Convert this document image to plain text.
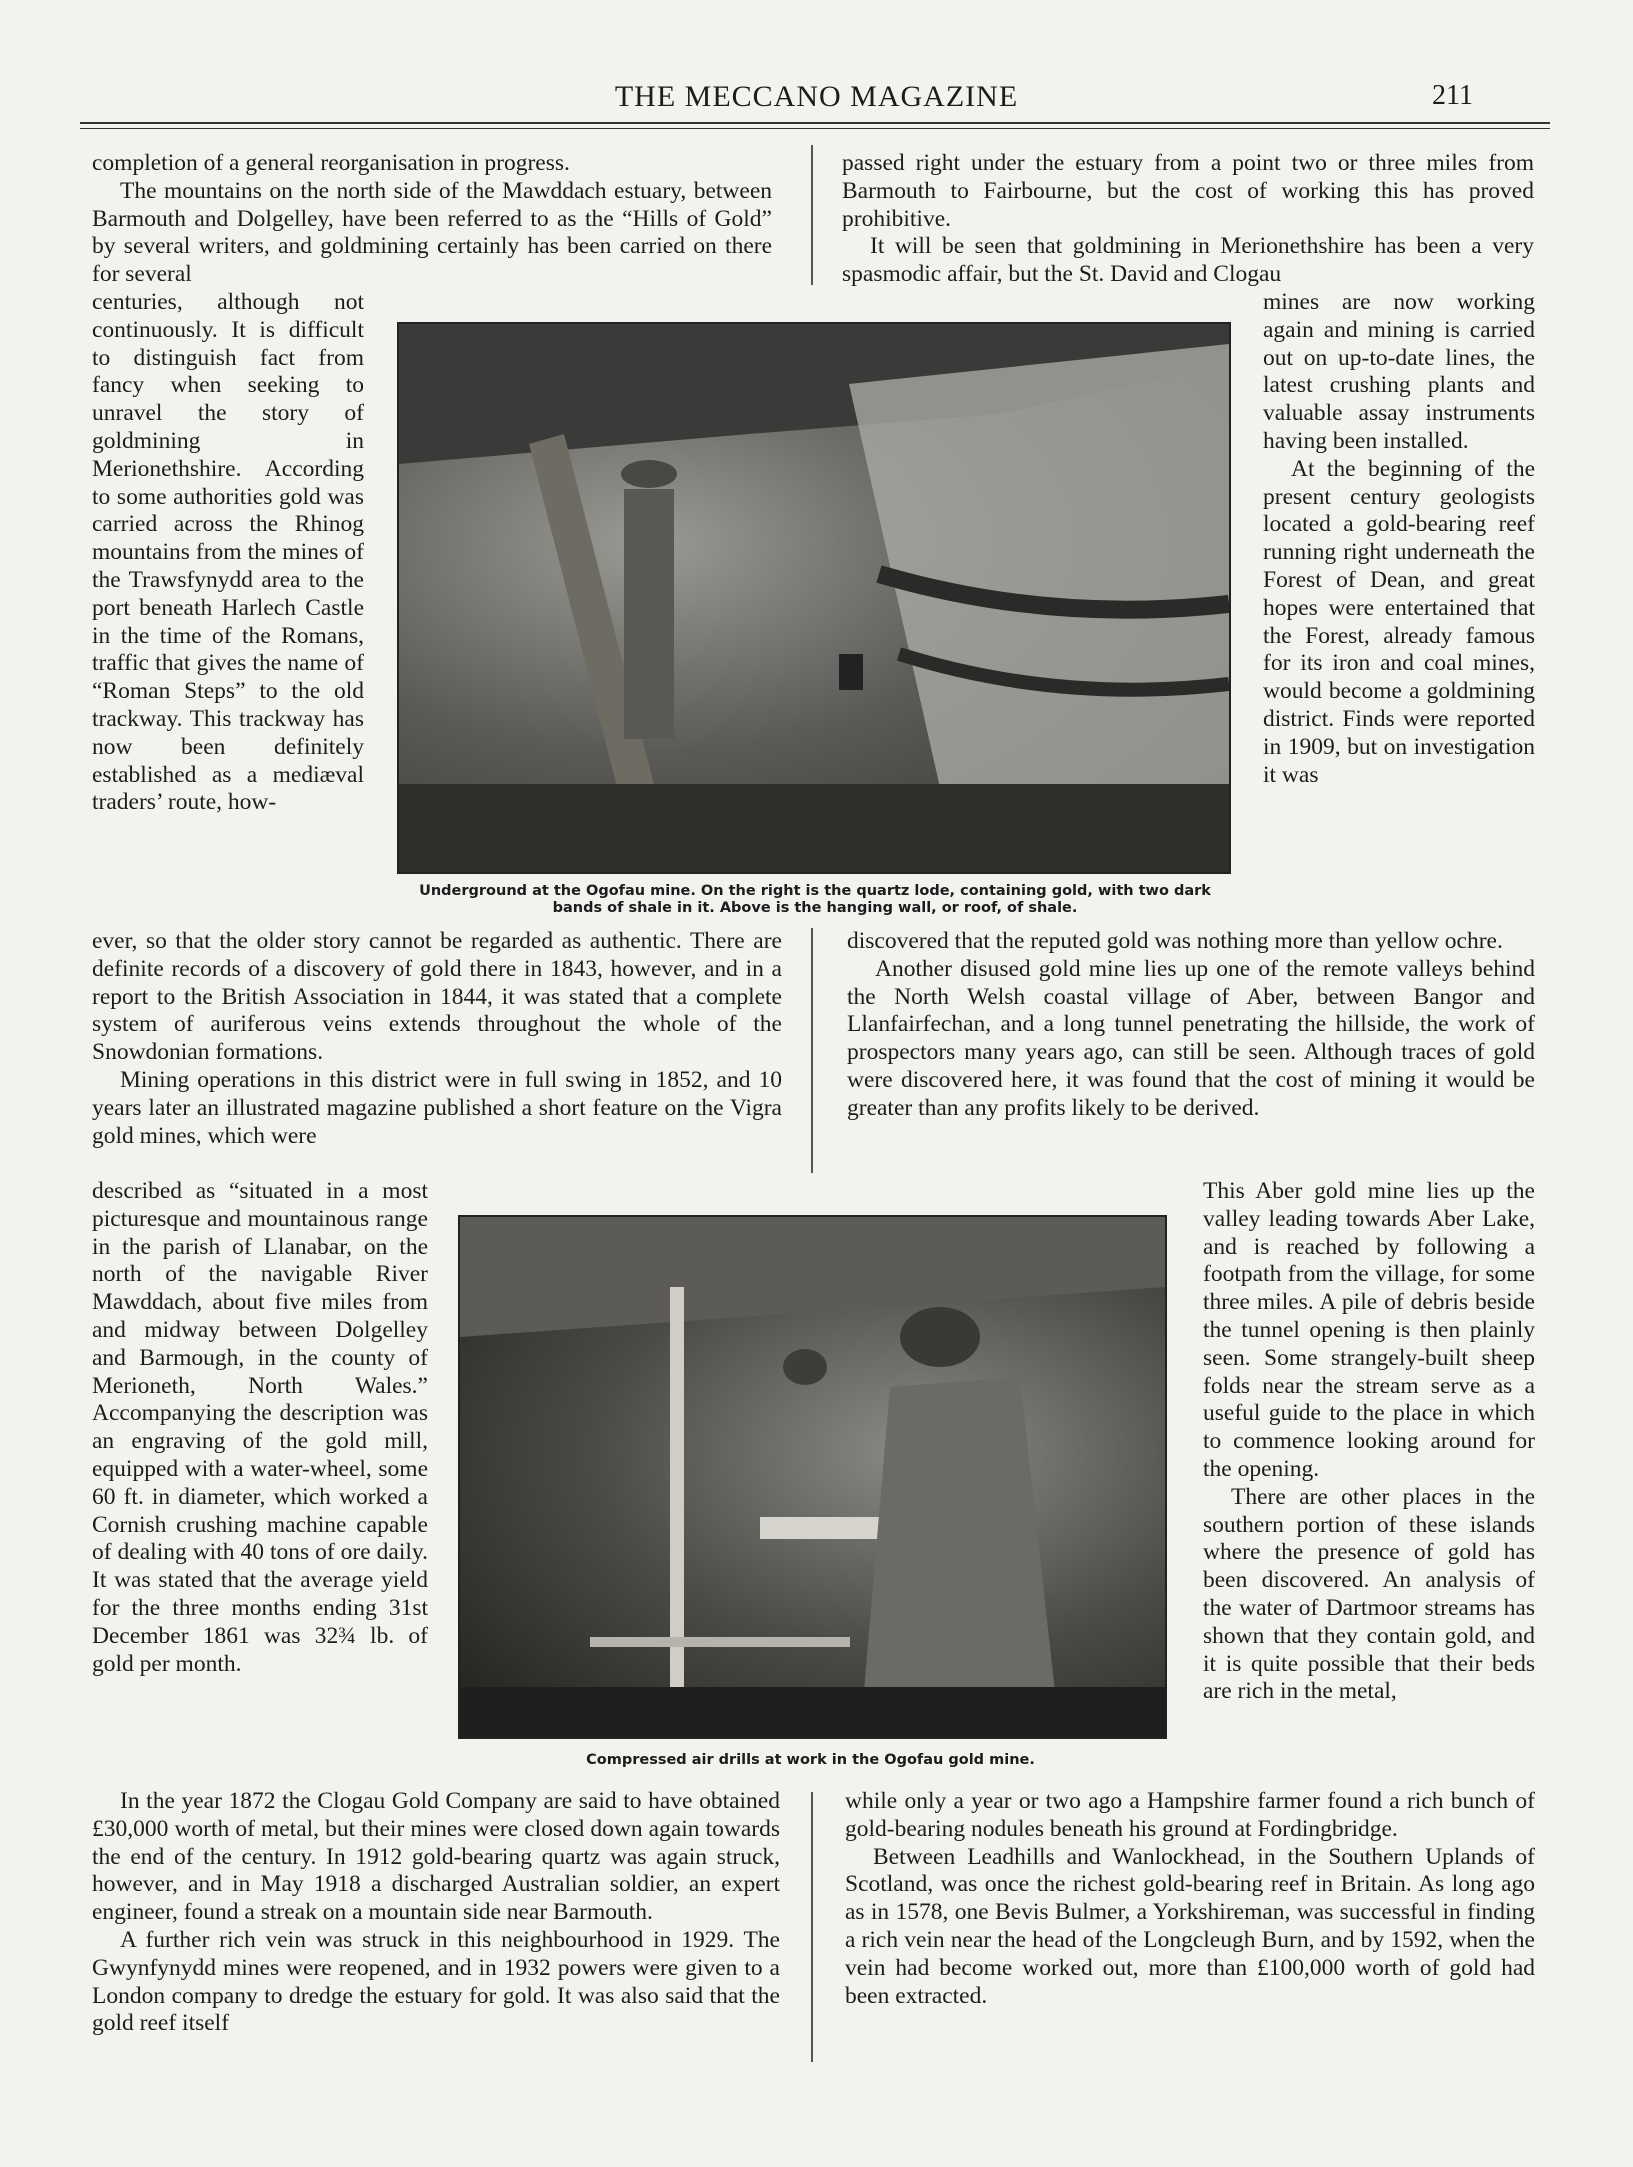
THE MECCANO MAGAZINE	211

completion of a general reorganisation in progress.

The mountains on the north side of the Mawddach estuary, between Barmouth and Dolgelley, have been referred to as the “Hills of Gold” by several writers, and goldmining certainly has been carried on there for several

centuries, although not continuously. It is difficult to distinguish fact from fancy when seeking to unravel the story of goldmining in Merionethshire. According to some authorities gold was carried across the Rhinog mountains from the mines of the Trawsfynydd area to the port beneath Harlech Castle in the time of the Romans, traffic that gives the name of “Roman Steps” to the old trackway. This trackway has now been definitely established as a mediæval traders’ route, how-

Underground at the Ogofau mine. On the right is the quartz lode, containing gold, with two dark bands of shale in it. Above is the hanging wall, or roof, of shale.

passed right under the estuary from a point two or three miles from Barmouth to Fairbourne, but the cost of working this has proved prohibitive.

It will be seen that goldmining in Merionethshire has been a very spasmodic affair, but the St. David and Clogau

mines are now working again and mining is carried out on up-to-date lines, the latest crushing plants and valuable assay instruments having been installed.

At the beginning of the present century geologists located a gold-bearing reef running right underneath the Forest of Dean, and great hopes were entertained that the Forest, already famous for its iron and coal mines, would become a goldmining district. Finds were reported in 1909, but on investigation it was

ever, so that the older story cannot be regarded as authentic. There are definite records of a discovery of gold there in 1843, however, and in a report to the British Association in 1844, it was stated that a complete system of auriferous veins extends throughout the whole of the Snowdonian formations.

Mining operations in this district were in full swing in 1852, and 10 years later an illustrated magazine published a short feature on the Vigra gold mines, which were

discovered that the reputed gold was nothing more than yellow ochre.

Another disused gold mine lies up one of the remote valleys behind the North Welsh coastal village of Aber, between Bangor and Llanfairfechan, and a long tunnel penetrating the hillside, the work of prospectors many years ago, can still be seen. Although traces of gold were discovered here, it was found that the cost of mining it would be greater than any profits likely to be derived.

described as “situated in a most picturesque and mountainous range in the parish of Llanabar, on the north of the navigable River Mawddach, about five miles from and midway between Dolgelley and Barmough, in the county of Merioneth, North Wales.” Accompanying the description was an engraving of the gold mill, equipped with a water-wheel, some 60 ft. in diameter, which worked a Cornish crushing machine capable of dealing with 40 tons of ore daily. It was stated that the average yield for the three months ending 31st December 1861 was 32¾ lb. of gold per month.

Compressed air drills at work in the Ogofau gold mine.

This Aber gold mine lies up the valley leading towards Aber Lake, and is reached by following a footpath from the village, for some three miles. A pile of debris beside the tunnel opening is then plainly seen. Some strangely-built sheep folds near the stream serve as a useful guide to the place in which to commence looking around for the opening.

There are other places in the southern portion of these islands where the presence of gold has been discovered. An analysis of the water of Dartmoor streams has shown that they contain gold, and it is quite possible that their beds are rich in the metal,

In the year 1872 the Clogau Gold Company are said to have obtained £30,000 worth of metal, but their mines were closed down again towards the end of the century. In 1912 gold-bearing quartz was again struck, however, and in May 1918 a discharged Australian soldier, an expert engineer, found a streak on a mountain side near Barmouth.

A further rich vein was struck in this neighbourhood in 1929. The Gwynfynydd mines were reopened, and in 1932 powers were given to a London company to dredge the estuary for gold. It was also said that the gold reef itself

while only a year or two ago a Hampshire farmer found a rich bunch of gold-bearing nodules beneath his ground at Fordingbridge.

Between Leadhills and Wanlockhead, in the Southern Uplands of Scotland, was once the richest gold-bearing reef in Britain. As long ago as in 1578, one Bevis Bulmer, a Yorkshireman, was successful in finding a rich vein near the head of the Longcleugh Burn, and by 1592, when the vein had become worked out, more than £100,000 worth of gold had been extracted.
